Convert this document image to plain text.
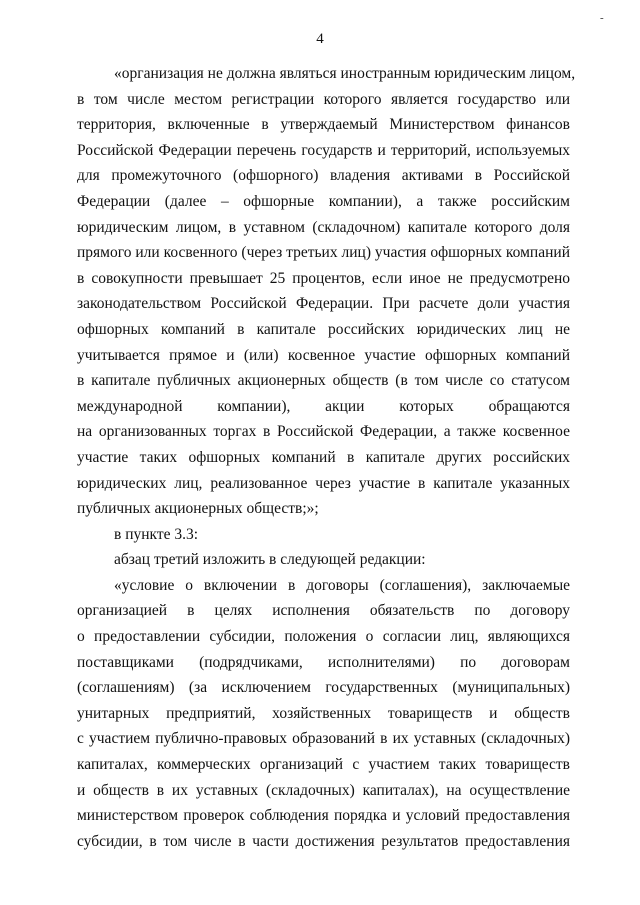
4
-
«организация не должна являться иностранным юридическим лицом,
в том числе местом регистрации которого является государство или
территория, включенные в утверждаемый Министерством финансов
Российской Федерации перечень государств и территорий, используемых
для промежуточного (офшорного) владения активами в Российской
Федерации (далее – офшорные компании), а также российским
юридическим лицом, в уставном (складочном) капитале которого доля
прямого или косвенного (через третьих лиц) участия офшорных компаний
в совокупности превышает 25 процентов, если иное не предусмотрено
законодательством Российской Федерации. При расчете доли участия
офшорных компаний в капитале российских юридических лиц не
учитывается прямое и (или) косвенное участие офшорных компаний
в капитале публичных акционерных обществ (в том числе со статусом
международной компании), акции которых обращаются
на организованных торгах в Российской Федерации, а также косвенное
участие таких офшорных компаний в капитале других российских
юридических лиц, реализованное через участие в капитале указанных
публичных акционерных обществ;»;
в пункте 3.3:
абзац третий изложить в следующей редакции:
«условие о включении в договоры (соглашения), заключаемые
организацией в целях исполнения обязательств по договору
о предоставлении субсидии, положения о согласии лиц, являющихся
поставщиками (подрядчиками, исполнителями) по договорам
(соглашениям) (за исключением государственных (муниципальных)
унитарных предприятий, хозяйственных товариществ и обществ
с участием публично-правовых образований в их уставных (складочных)
капиталах, коммерческих организаций с участием таких товариществ
и обществ в их уставных (складочных) капиталах), на осуществление
министерством проверок соблюдения порядка и условий предоставления
субсидии, в том числе в части достижения результатов предоставления
